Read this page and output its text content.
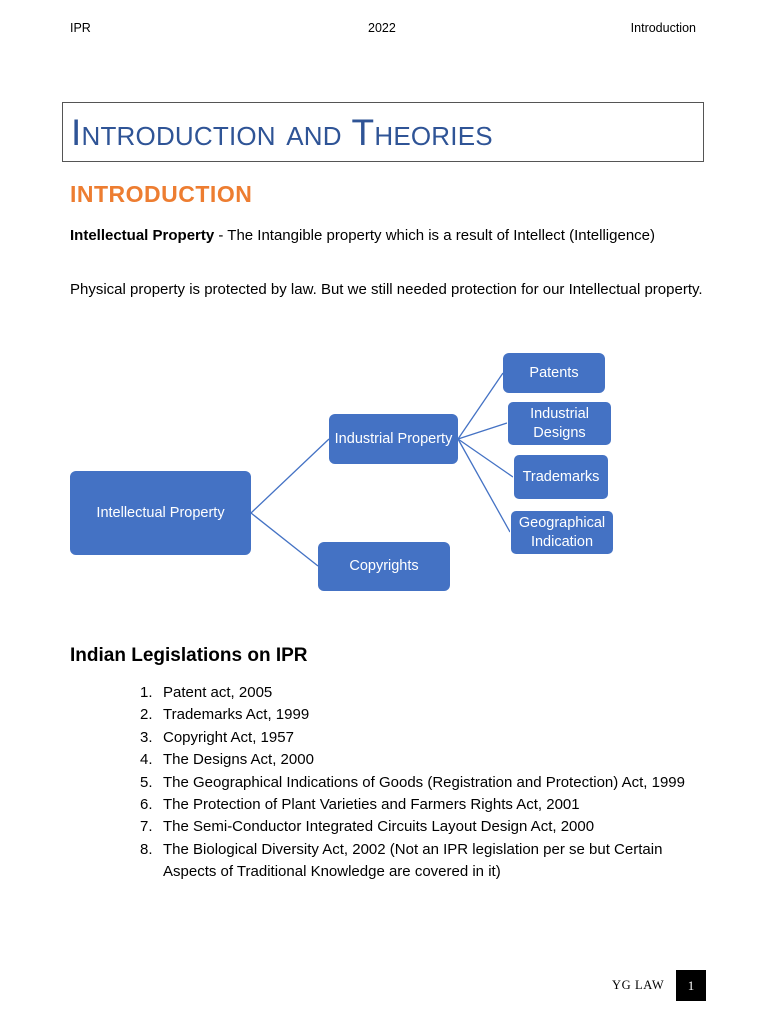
IPR	2022	Introduction
Introduction and Theories
INTRODUCTION
Intellectual Property - The Intangible property which is a result of Intellect (Intelligence)
Physical property is protected by law. But we still needed protection for our Intellectual property.
Intellectual Property
Industrial Property
Copyrights
Patents
Industrial Designs
Trademarks
Geographical Indication
Indian Legislations on IPR
1. Patent act, 2005
2. Trademarks Act, 1999
3. Copyright Act, 1957
4. The Designs Act, 2000
5. The Geographical Indications of Goods (Registration and Protection) Act, 1999
6. The Protection of Plant Varieties and Farmers Rights Act, 2001
7. The Semi-Conductor Integrated Circuits Layout Design Act, 2000
8. The Biological Diversity Act, 2002 (Not an IPR legislation per se but Certain Aspects of Traditional Knowledge are covered in it)
YG LAW	1
